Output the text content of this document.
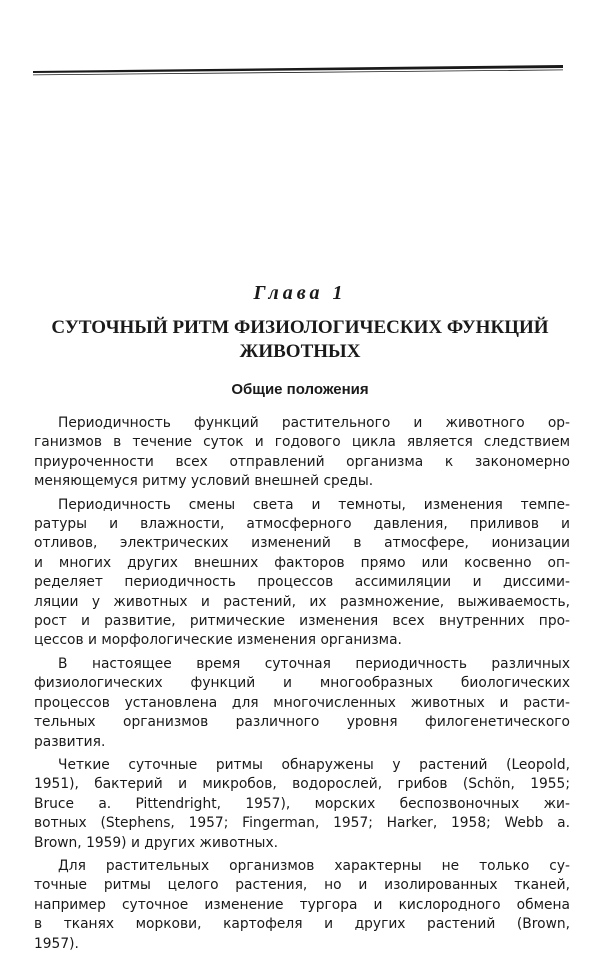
Глава 1
СУТОЧНЫЙ РИТМ ФИЗИОЛОГИЧЕСКИХ ФУНКЦИЙ
ЖИВОТНЫХ
Общие положения
Периодичность функций растительного и животного ор-
ганизмов в течение суток и годового цикла является следствием
приуроченности всех отправлений организма к закономерно
меняющемуся ритму условий внешней среды.
Периодичность смены света и темноты, изменения темпе-
ратуры и влажности, атмосферного давления, приливов и
отливов, электрических изменений в атмосфере, ионизации
и многих других внешних факторов прямо или косвенно оп-
ределяет периодичность процессов ассимиляции и диссими-
ляции у животных и растений, их размножение, выживаемость,
рост и развитие, ритмические изменения всех внутренних про-
цессов и морфологические изменения организма.
В настоящее время суточная периодичность различных
физиологических функций и многообразных биологических
процессов установлена для многочисленных животных и расти-
тельных организмов различного уровня филогенетического
развития.
Четкие суточные ритмы обнаружены у растений (Leopold,
1951), бактерий и микробов, водорослей, грибов (Schön, 1955;
Bruce a. Pittendright, 1957), морских беспозвоночных жи-
вотных (Stephens, 1957; Fingerman, 1957; Harker, 1958; Webb a.
Brown, 1959) и других животных.
Для растительных организмов характерны не только су-
точные ритмы целого растения, но и изолированных тканей,
например суточное изменение тургора и кислородного обмена
в тканях моркови, картофеля и других растений (Brown,
1957).
